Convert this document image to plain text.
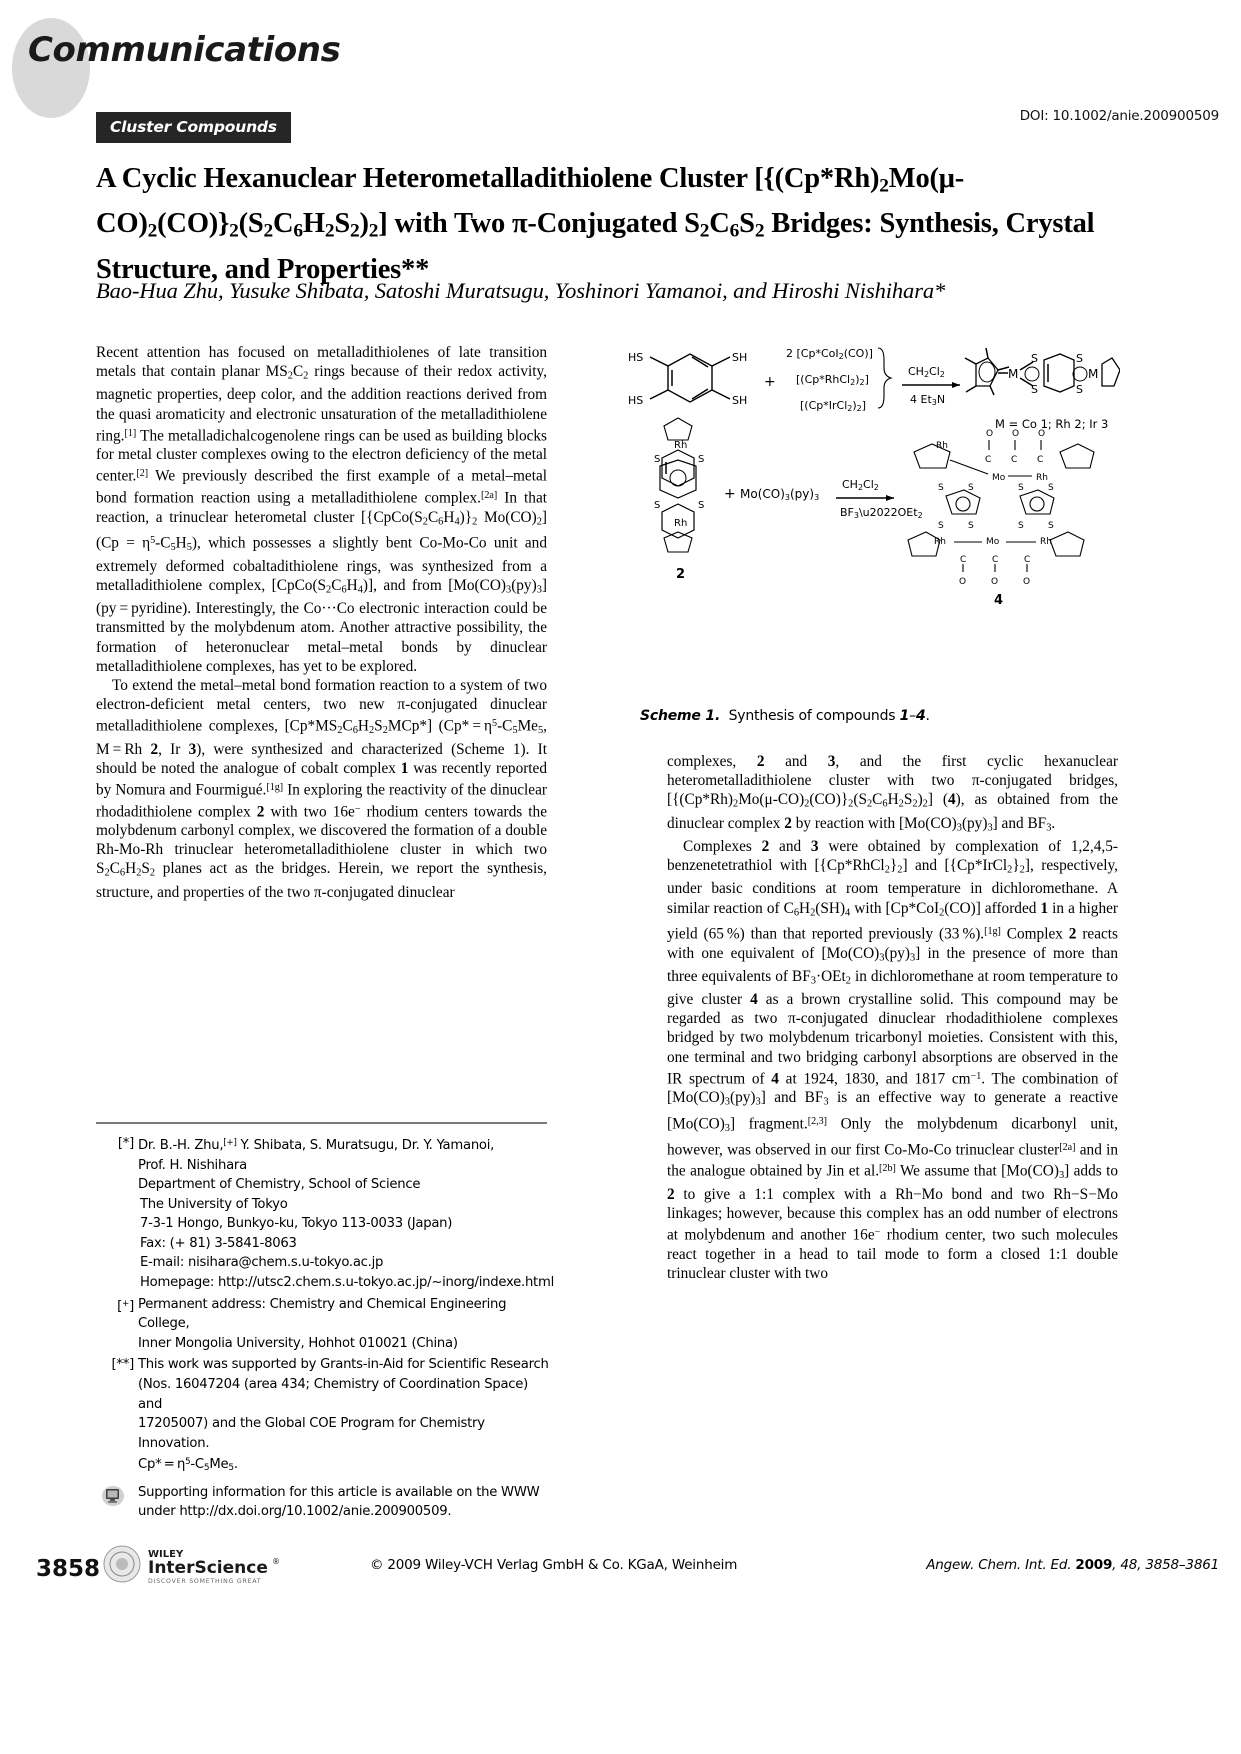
Communications
Cluster Compounds
DOI: 10.1002/anie.200900509
A Cyclic Hexanuclear Heterometalladithiolene Cluster $[\{(Cp*Rh)_2Mo(\mu-CO)_2(CO)\}_2(S_2C_6H_2S_2)_2]$ with Two π-Conjugated $S_2C_6S_2$ Bridges: Synthesis, Crystal Structure, and Properties**
Bao-Hua Zhu, Yusuke Shibata, Satoshi Muratsugu, Yoshinori Yamanoi, and Hiroshi Nishihara*

Recent attention has focused on metalladithiolenes of late transition metals that contain planar $MS_2C_2$ rings because of their redox activity, magnetic properties, deep color, and the addition reactions derived from the quasi aromaticity and electronic unsaturation of the metalladithiolene ring.[1] The metalladichalcogenolene rings can be used as building blocks for metal cluster complexes owing to the electron deficiency of the metal center.[2] We previously described the first example of a metal–metal bond formation reaction using a metalladithiolene complex.[2a] In that reaction, a trinuclear heterometal cluster [$\{CpCo(S_2C_6H_4)\}_2$ $Mo(CO)_2$] $(Cp = \eta^5-C_5H_5)$, which possesses a slightly bent Co-Mo-Co unit and extremely deformed cobaltadithiolene rings, was synthesized from a metalladithiolene complex, $[CpCo(S_2C_6H_4)]$, and from $[Mo(CO)_3(py)_3] (py$ = pyridine). Interestingly, the Co···Co electronic interaction could be transmitted by the molybdenum atom. Another attractive possibility, the formation of heteronuclear metal–metal bonds by dinuclear metalladithiolene complexes, has yet to be explored.

To extend the metal–metal bond formation reaction to a system of two electron-deficient metal centers, two new π-conjugated dinuclear metalladithiolene complexes, $[Cp*MS_2C_6H_2S_2MCp*] (Cp* = \eta^5-C_5Me_5$, M = Rh 2, Ir 3), were synthesized and characterized (Scheme 1). It should be noted the analogue of cobalt complex 1 was recently reported by Nomura and Fourmigué.[1g] In exploring the reactivity of the dinuclear rhodadithiolene complex 2 with two 16e− rhodium centers towards the molybdenum carbonyl complex, we discovered the formation of a double Rh-Mo-Rh trinuclear heterometalladithiolene cluster in which two $S_2C_6H_2S_2$ planes act as the bridges. Herein, we report the synthesis, structure, and properties of the two π-conjugated dinuclear

complexes, 2 and 3, and the first cyclic hexanuclear heterometalladithiolene cluster with two π-conjugated bridges, $[\{(Cp*Rh)_2Mo(\mu-CO)_2(CO)\}_2(S_2C_6H_2S_2)_2]$ (4), as obtained from the dinuclear complex 2 by reaction with $[Mo(CO)_3(py)_3]$ and $BF_3$.

Complexes 2 and 3 were obtained by complexation of 1,2,4,5-benzenetetrathiol with $[\{Cp*RhCl_2\}_2]$ and $[\{Cp*IrCl_2\}_2]$, respectively, under basic conditions at room temperature in dichloromethane. A similar reaction of $C_6H_2(SH)_4$ with [Cp*CoI$_2$(CO)] afforded 1 in a higher yield (65 %) than that reported previously (33 %).[1g] Complex 2 reacts with one equivalent of $[Mo(CO)_3(py)_3]$ in the presence of more than three equivalents of $BF_3\cdot OEt_2$ in dichloromethane at room temperature to give cluster 4 as a brown crystalline solid. This compound may be regarded as two π-conjugated dinuclear rhodadithiolene complexes bridged by two molybdenum tricarbonyl moieties. Consistent with this, one terminal and two bridging carbonyl absorptions are observed in the IR spectrum of 4 at 1924, 1830, and 1817 $cm^{-1}$. The combination of $[Mo(CO)_3(py)_3]$ and $BF_3$ is an effective way to generate a reactive $[Mo(CO)_3]$ fragment.[2,3] Only the molybdenum dicarbonyl unit, however, was observed in our first Co-Mo-Co trinuclear cluster[2a] and in the analogue obtained by Jin et al.[2b] We assume that $[Mo(CO)_3]$ adds to 2 to give a 1:1 complex with a Rh−Mo bond and two Rh−S−Mo linkages; however, because this complex has an odd number of electrons at molybdenum and another 16e− rhodium center, two such molecules react together in a head to tail mode to form a closed 1:1 double trinuclear cluster with two

HS
HS
SH
SH
+
2 [Cp*CoI2(CO)]
[(Cp*RhCl2)2]
[(Cp*IrCl2)2]
CH2Cl2
4 Et3N
M
S
S
S
S
M
M = Co 1; Rh 2; Ir 3
Rh
S	S
S	S
Rh
2
+ Mo(CO)3(py)3
CH2Cl2
BF3\u2022OEt2
Rh
O O O
C C C
Mo	Rh
S	S	S	S
S	S	S	S
Rh	Mo	Rh
C	C	C
O	O	O
4
Scheme 1.  Synthesis of compounds 1–4.
[*] Dr. B.-H. Zhu,[+] Y. Shibata, S. Muratsugu, Dr. Y. Yamanoi,
Prof. H. Nishihara
Department of Chemistry, School of Science
The University of Tokyo
7-3-1 Hongo, Bunkyo-ku, Tokyo 113-0033 (Japan)
Fax: (+ 81) 3-5841-8063
E-mail: nisihara@chem.s.u-tokyo.ac.jp
Homepage: http://utsc2.chem.s.u-tokyo.ac.jp/~inorg/indexe.html
[+] Permanent address: Chemistry and Chemical Engineering College,
Inner Mongolia University, Hohhot 010021 (China)
[**] This work was supported by Grants-in-Aid for Scientific Research
(Nos. 16047204 (area 434; Chemistry of Coordination Space) and
17205007) and the Global COE Program for Chemistry Innovation.
$Cp* = \eta^5-C_5Me_5$.
Supporting information for this article is available on the WWW
under http://dx.doi.org/10.1002/anie.200900509.
3858
WILEY
InterScience ®
DISCOVER SOMETHING GREAT
© 2009 Wiley-VCH Verlag GmbH & Co. KGaA, Weinheim	Angew. Chem. Int. Ed. 2009, 48, 3858–3861
